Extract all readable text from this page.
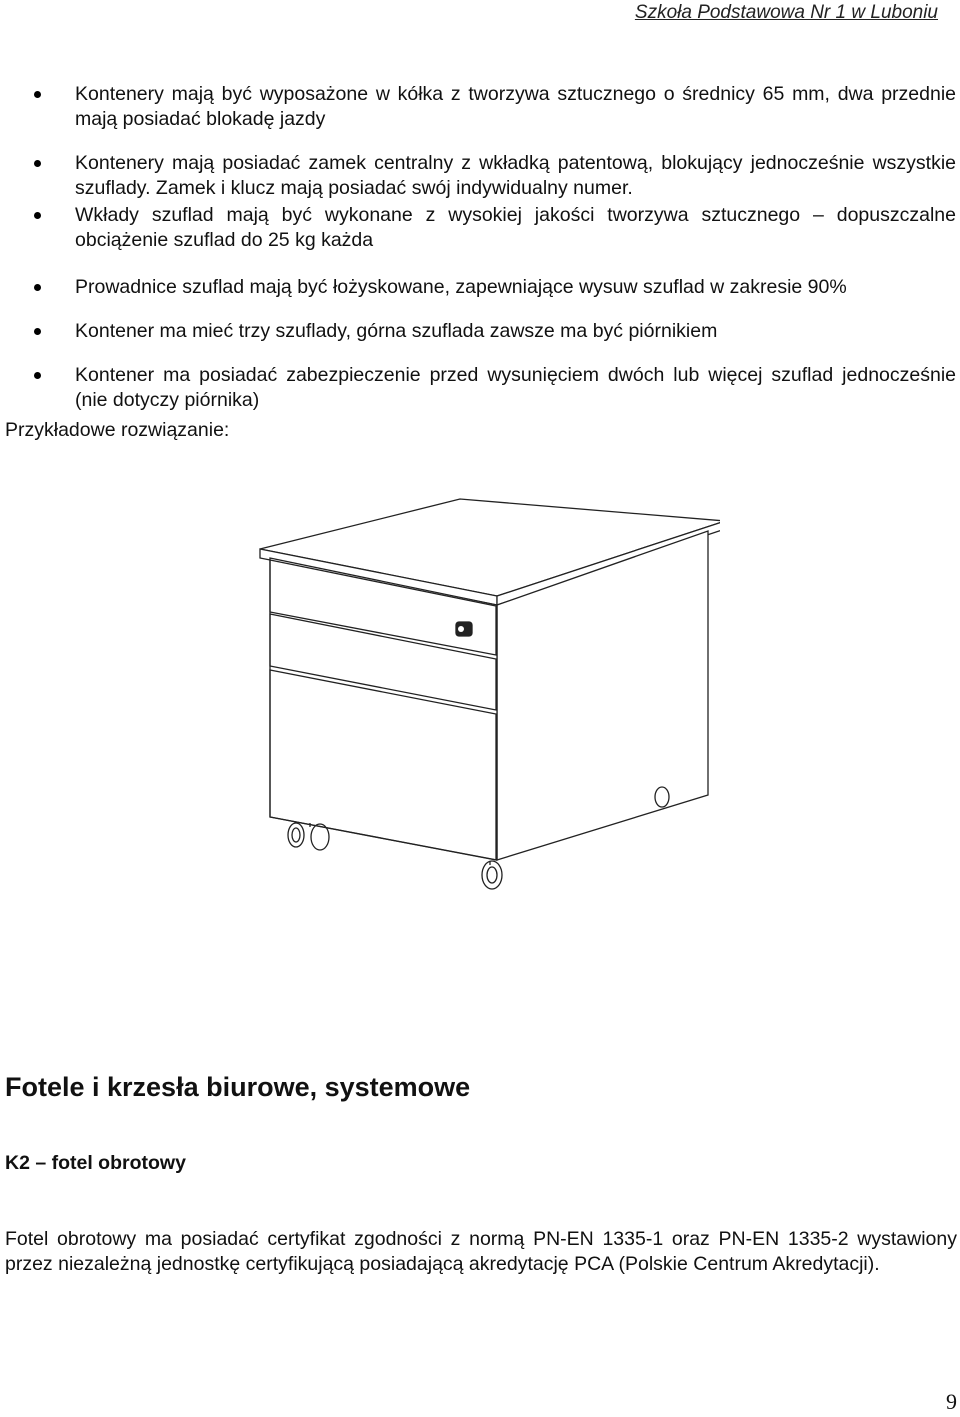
Szkoła Podstawowa Nr 1 w Luboniu
Kontenery mają być wyposażone w kółka z tworzywa sztucznego o średnicy 65 mm, dwa przednie mają posiadać blokadę jazdy
Kontenery mają posiadać zamek centralny z wkładką patentową, blokujący jednocześnie wszystkie szuflady. Zamek i klucz mają posiadać swój indywidualny numer.
Wkłady szuflad mają być wykonane z wysokiej jakości tworzywa sztucznego – dopuszczalne obciążenie szuflad do 25 kg każda
Prowadnice szuflad mają być łożyskowane, zapewniające wysuw szuflad w zakresie 90%
Kontener ma mieć trzy szuflady, górna szuflada zawsze ma być piórnikiem
Kontener ma posiadać zabezpieczenie przed wysunięciem dwóch lub więcej szuflad jednocześnie (nie dotyczy piórnika)
Przykładowe rozwiązanie:
Fotele i krzesła biurowe, systemowe
K2 – fotel obrotowy
Fotel obrotowy ma posiadać certyfikat zgodności z normą PN-EN 1335-1 oraz PN-EN 1335-2 wystawiony przez niezależną jednostkę certyfikującą posiadającą akredytację PCA (Polskie Centrum Akredytacji).
9
